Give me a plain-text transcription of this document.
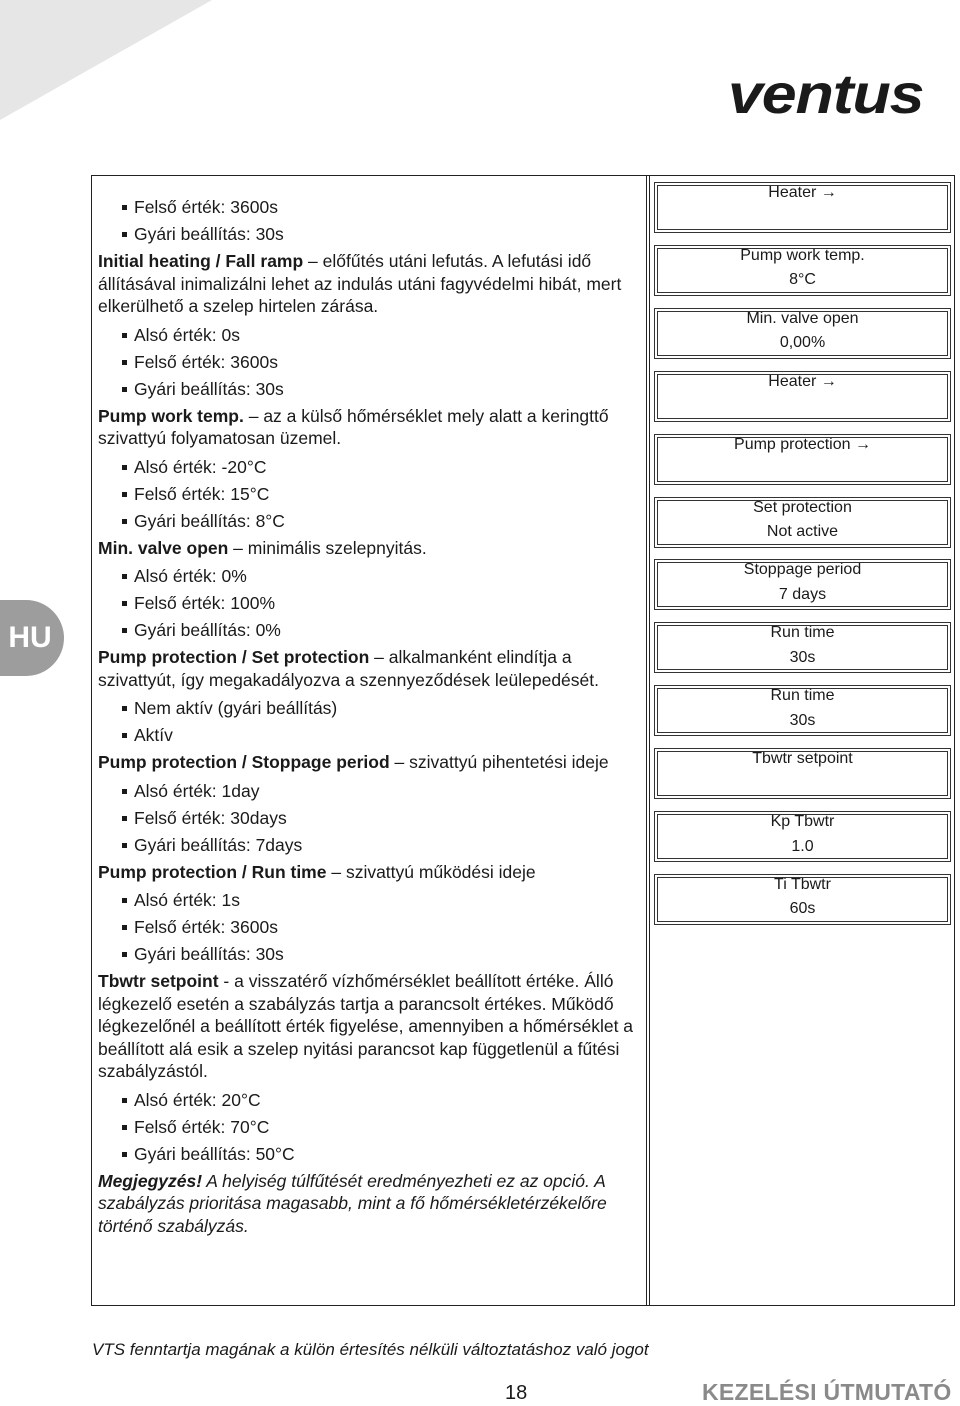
ventus
HU
Felső érték: 3600s
Gyári beállítás: 30s

Initial heating / Fall ramp – előfűtés utáni lefutás. A lefutási idő állításával inimalizálni lehet az indulás utáni fagyvédelmi hibát, mert elkerülhető a szelep hirtelen zárása.

Alsó érték: 0s
Felső érték: 3600s
Gyári beállítás: 30s

Pump work temp. – az a külső hőmérséklet mely alatt a keringttő szivattyú folyamatosan üzemel.

Alsó érték: -20°C
Felső érték: 15°C
Gyári beállítás: 8°C

Min. valve open – minimális szelepnyitás.

Alsó érték: 0%
Felső érték: 100%
Gyári beállítás: 0%

Pump protection / Set protection – alkalmanként elindítja a szivattyút, így megakadályozva a szennyeződések leülepedését.

Nem aktív (gyári beállítás)
Aktív

Pump protection / Stoppage period – szivattyú pihentetési ideje

Alsó érték: 1day
Felső érték: 30days
Gyári beállítás: 7days

Pump protection / Run time – szivattyú működési ideje

Alsó érték: 1s
Felső érték: 3600s
Gyári beállítás: 30s

Tbwtr setpoint - a visszatérő vízhőmérséklet beállított értéke. Álló légkezelő esetén a szabályzás tartja a parancsolt értékes. Működő légkezelőnél a beállított érték figyelése, amennyiben a hőmérséklet a beállított alá esik a szelep nyitási parancsot kap függetlenül a fűtési szabályzástól.

Alsó érték: 20°C
Felső érték: 70°C
Gyári beállítás: 50°C

Megjegyzés! A helyiség túlfűtését eredményezheti ez az opció. A szabályzás prioritása magasabb, mint a fő hőmérsékletérzékelőre történő szabályzás.

Heater →
Pump work temp.
8°C
Min. valve open
0,00%
Heater →
Pump protection →
Set protection
Not active
Stoppage period
7 days
Run time
30s
Run time
30s
Tbwtr setpoint
Kp Tbwtr
1.0
Ti Tbwtr
60s
VTS fenntartja magának a külön értesítés nélküli változtatáshoz való jogot
18	KEZELÉSI ÚTMUTATÓ
